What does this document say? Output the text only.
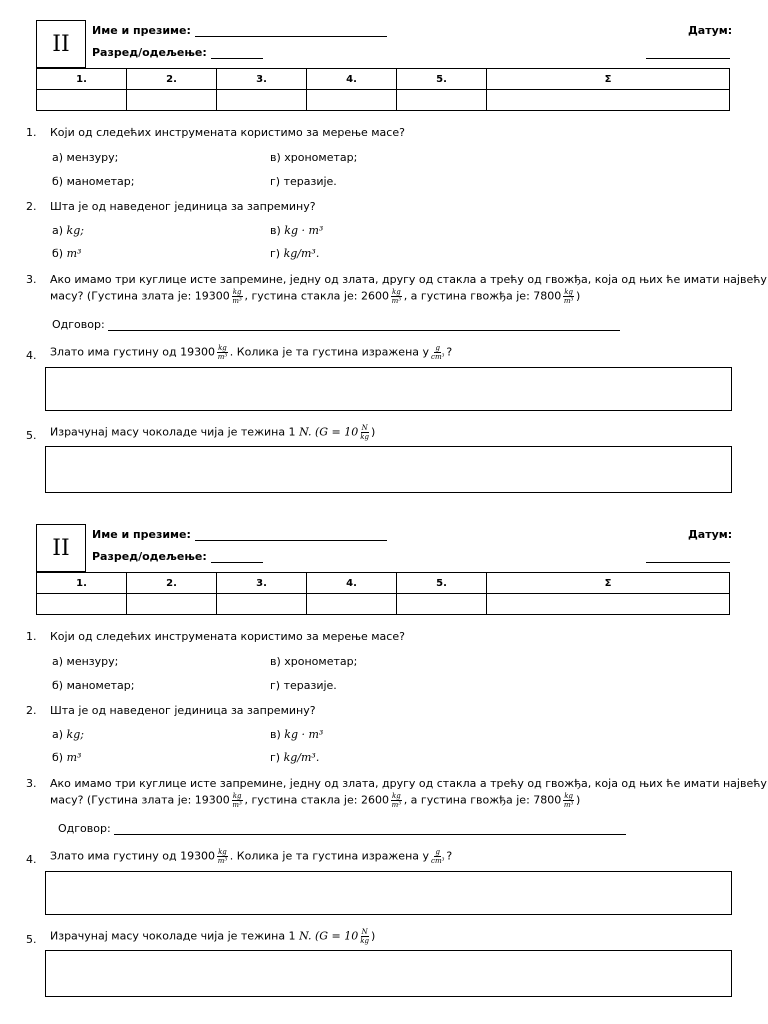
II
Име и презиме:
Разред/одељење:
Датум:
1.	2.	3.	4.	5.	Σ

1. Који од следећих инструмената користимо за мерење масе?
а) мензуру;	в) хронометар;
б) манометар;	г) теразије.
2. Шта је од наведеног јединица за запремину?
а) kg;	в) kg · m³
б) m³	г) kg/m³.
3. Ако имамо три куглице исте запремине, једну од злата, другу од стакла а трећу од гвожђа, која од њих ће имати највећу
масу? (Густина злата је: $19300 \frac{kg}{\text{m³}}$ , густина стакла је: $2600 \frac{kg}{\text{m³}}$ , а густина гвожђа је: $7800 \frac{kg}{\text{m³}}$ )
Одговор:
4. Злато има густину од $19300 \frac{kg}{\text{m³}}$ . Колика је та густина изражена у $\frac{g}{\text{cm³}}$ ?
5. Израчунај масу чоколаде чија је тежина 1 N. ($G = 10 \frac{N}{kg}$ )
II
Име и презиме:
Разред/одељење:
Датум:
1.	2.	3.	4.	5.	Σ

1. Који од следећих инструмената користимо за мерење масе?
а) мензуру;	в) хронометар;
б) манометар;	г) теразије.
2. Шта је од наведеног јединица за запремину?
а) kg;	в) kg · m³
б) m³	г) kg/m³.
3. Ако имамо три куглице исте запремине, једну од злата, другу од стакла а трећу од гвожђа, која од њих ће имати највећу
масу? (Густина злата је: $19300 \frac{kg}{\text{m³}}$ , густина стакла је: $2600 \frac{kg}{\text{m³}}$ , а густина гвожђа је: $7800 \frac{kg}{\text{m³}}$ )
Одговор:
4. Злато има густину од $19300 \frac{kg}{\text{m³}}$ . Колика је та густина изражена у $\frac{g}{\text{cm³}}$ ?
5. Израчунај масу чоколаде чија је тежина 1 N. ($G = 10 \frac{N}{kg}$ )
